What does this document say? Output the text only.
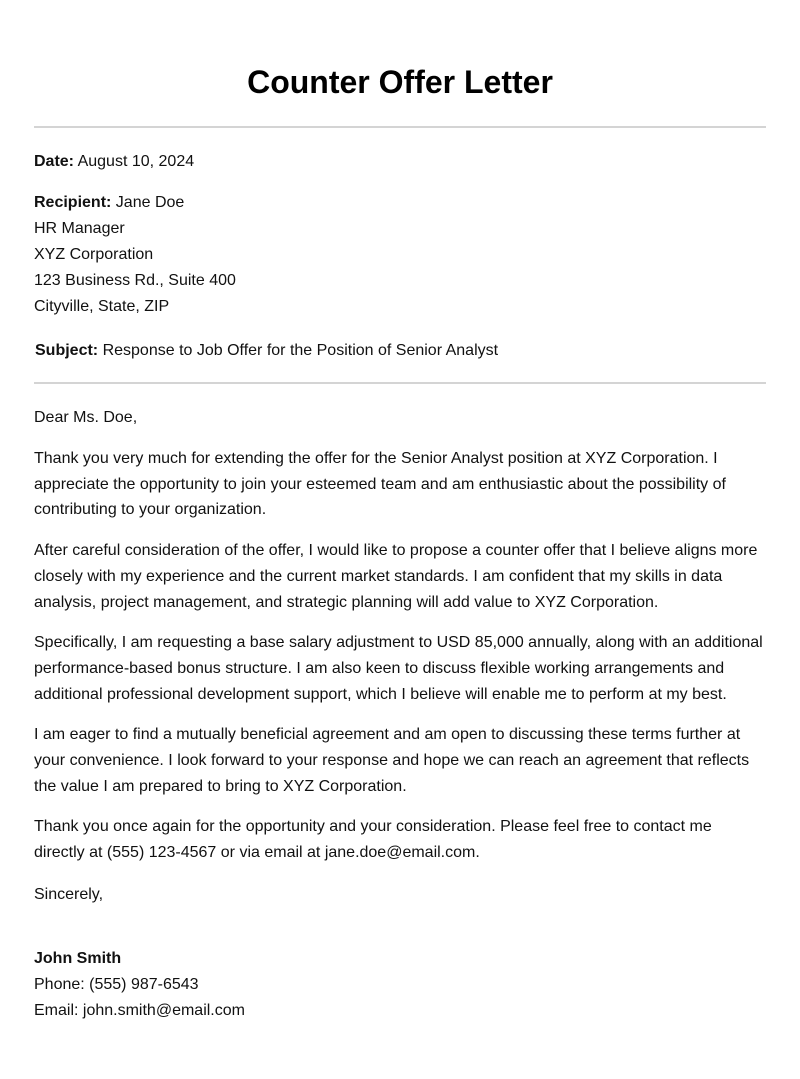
Counter Offer Letter

Date: August 10, 2024

Recipient: Jane Doe

HR Manager

XYZ Corporation

123 Business Rd., Suite 400

Cityville, State, ZIP

Subject: Response to Job Offer for the Position of Senior Analyst

Dear Ms. Doe,

Thank you very much for extending the offer for the Senior Analyst position at XYZ Corporation. I appreciate the opportunity to join your esteemed team and am enthusiastic about the possibility of contributing to your organization.

After careful consideration of the offer, I would like to propose a counter offer that I believe aligns more closely with my experience and the current market standards. I am confident that my skills in data analysis, project management, and strategic planning will add value to XYZ Corporation.

Specifically, I am requesting a base salary adjustment to USD 85,000 annually, along with an additional performance-based bonus structure. I am also keen to discuss flexible working arrangements and additional professional development support, which I believe will enable me to perform at my best.

I am eager to find a mutually beneficial agreement and am open to discussing these terms further at your convenience. I look forward to your response and hope we can reach an agreement that reflects the value I am prepared to bring to XYZ Corporation.

Thank you once again for the opportunity and your consideration. Please feel free to contact me directly at (555) 123-4567 or via email at jane.doe@email.com.

Sincerely,

John Smith

Phone: (555) 987-6543

Email: john.smith@email.com
